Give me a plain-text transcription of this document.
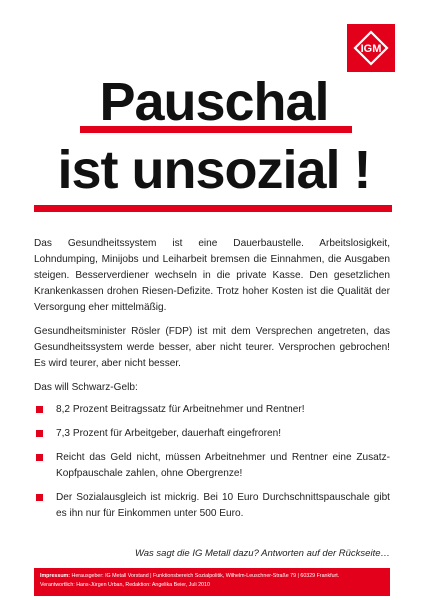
IGM
Pauschal
ist unsozial !

Das Gesundheitssystem ist eine Dauerbaustelle. Arbeitslosigkeit, Lohndumping, Minijobs und Leiharbeit bremsen die Einnahmen, die Ausgaben steigen. Besserverdiener wechseln in die private Kasse. Den gesetzlichen Krankenkassen drohen Riesen-Defizite. Trotz hoher Kosten ist die Qualität der Versorgung eher mittelmäßig.

Gesundheitsminister Rösler (FDP) ist mit dem Versprechen angetreten, das Gesundheitssystem werde besser, aber nicht teurer. Versprochen gebrochen! Es wird teurer, aber nicht besser.

Das will Schwarz-Gelb:

8,2 Prozent Beitragssatz für Arbeitnehmer und Rentner!
7,3 Prozent für Arbeitgeber, dauerhaft eingefroren!
Reicht das Geld nicht, müssen Arbeitnehmer und Rentner eine Zusatz-Kopfpauschale zahlen, ohne Obergrenze!
Der Sozialausgleich ist mickrig. Bei 10 Euro Durchschnittspauschale gibt es ihn nur für Einkommen unter 500 Euro.
Was sagt die IG Metall dazu? Antworten auf der Rückseite…
Impressum: Herausgeber: IG Metall Vorstand | Funktionsbereich Sozialpolitik, Wilhelm-Leuschner-Straße 79 | 60329 Frankfurt.
Verantwortlich: Hans-Jürgen Urban, Redaktion: Angelika Beier, Juli 2010
